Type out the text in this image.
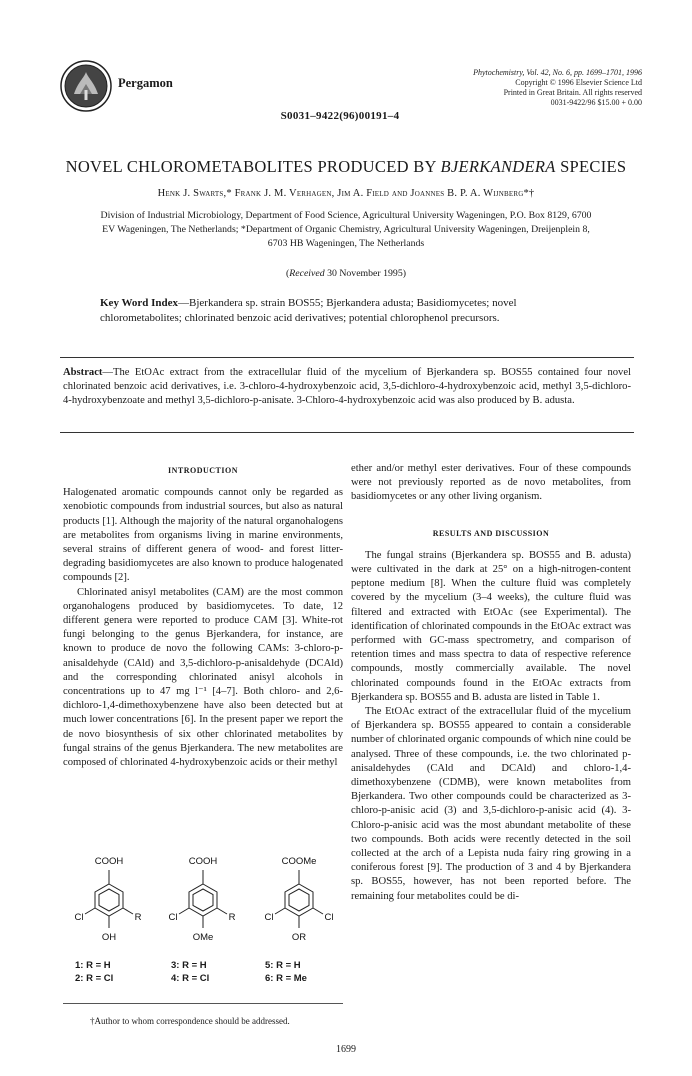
Pergamon
Phytochemistry, Vol. 42, No. 6, pp. 1699–1701, 1996
Copyright © 1996 Elsevier Science Ltd
Printed in Great Britain. All rights reserved
0031-9422/96 $15.00 + 0.00
S0031–9422(96)00191–4
NOVEL CHLOROMETABOLITES PRODUCED BY BJERKANDERA SPECIES
Henk J. Swarts,* Frank J. M. Verhagen, Jim A. Field and Joannes B. P. A. Wijnberg*†
Division of Industrial Microbiology, Department of Food Science, Agricultural University Wageningen, P.O. Box 8129, 6700
EV Wageningen, The Netherlands; *Department of Organic Chemistry, Agricultural University Wageningen, Dreijenplein 8,
6703 HB Wageningen, The Netherlands
(Received 30 November 1995)
Key Word Index—Bjerkandera sp. strain BOS55; Bjerkandera adusta; Basidiomycetes; novel chlorometabolites; chlorinated benzoic acid derivatives; potential chlorophenol precursors.
Abstract—The EtOAc extract from the extracellular fluid of the mycelium of Bjerkandera sp. BOS55 contained four novel chlorinated benzoic acid derivatives, i.e. 3-chloro-4-hydroxybenzoic acid, 3,5-dichloro-4-hydroxybenzoic acid, methyl 3,5-dichloro-4-hydroxybenzoate and methyl 3,5-dichloro-p-anisate. 3-Chloro-4-hydroxybenzoic acid was also produced by B. adusta.
INTRODUCTION

Halogenated aromatic compounds cannot only be regarded as xenobiotic compounds from industrial sources, but also as natural products [1]. Although the majority of the natural organohalogens are metabolites from organisms living in marine environments, several strains of different genera of wood- and forest litter-degrading basidiomycetes are also known to produce halogenated compounds [2].

Chlorinated anisyl metabolites (CAM) are the most common organohalogens produced by basidiomycetes. To date, 12 different genera were reported to produce CAM [3]. White-rot fungi belonging to the genus Bjerkandera, for instance, are known to produce de novo the following CAMs: 3-chloro-p-anisaldehyde (CAld) and 3,5-dichloro-p-anisaldehyde (DCAld) and the corresponding chlorinated anisyl alcohols in concentrations up to 47 mg l⁻¹ [4–7]. Both chloro- and 2,6-dichloro-1,4-dimethoxybenzene have also been detected but at much lower concentrations [6]. In the present paper we report the de novo biosynthesis of six other chlorinated metabolites by fungal strains of the genus Bjerkandera. The new metabolites are composed of chlorinated 4-hydroxybenzoic acids or their methyl

COOH	COOH	COOMe
OH	OMe	OR
Cl	Cl	Cl
R	R	Cl
1: R = H	3: R = H	5: R = H
2: R = Cl	4: R = Cl	6: R = Me
†Author to whom correspondence should be addressed.

ether and/or methyl ester derivatives. Four of these compounds were not previously reported as de novo metabolites, from basidiomycetes or any other living organism.

RESULTS AND DISCUSSION

The fungal strains (Bjerkandera sp. BOS55 and B. adusta) were cultivated in the dark at 25° on a high-nitrogen-content peptone medium [8]. When the culture fluid was completely covered by the mycelium (3–4 weeks), the culture fluid was filtered and extracted with EtOAc (see Experimental). The identification of chlorinated compounds in the EtOAc extract was performed with GC-mass spectrometry, and comparison of retention times and mass spectra to data of respective reference compounds, mostly commercially available. The novel chlorinated compounds found in the EtOAc extracts from Bjerkandera sp. BOS55 and B. adusta are listed in Table 1.

The EtOAc extract of the extracellular fluid of the mycelium of Bjerkandera sp. BOS55 appeared to contain a considerable number of chlorinated organic compounds of which nine could be analysed. Three of these compounds, i.e. the two chlorinated p-anisaldehydes (CAld and DCAld) and chloro-1,4-dimethoxybenzene (CDMB), were known metabolites from Bjerkandera. Two other compounds could be characterized as 3-chloro-p-anisic acid (3) and 3,5-dichloro-p-anisic acid (4). 3-Chloro-p-anisic acid was the most abundant metabolite of these two compounds. Both acids were recently detected in the soil collected at the arch of a Lepista nuda fairy ring growing in a coniferous forest [9]. The production of 3 and 4 by Bjerkandera sp. BOS55, however, has not been reported before. The remaining four metabolites could be di-

1699
